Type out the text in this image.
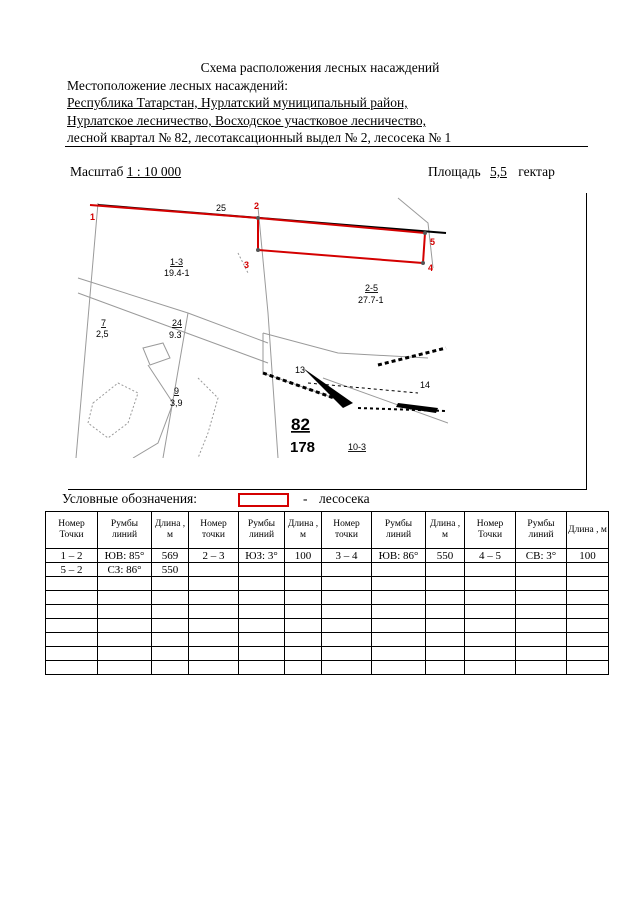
Схема расположения лесных насаждений
Местоположение лесных насаждений:
Республика Татарстан, Нурлатский муниципальный район,
Нурлатское лесничество, Восходское участковое лесничество,
лесной квартал № 82, лесотаксационный выдел № 2, лесосека № 1
Масштаб 1 : 10 000	Площадь 5,5 гектар
1
2
3	4
5
25
1-3
19.4-1
2-5
27.7-1
7
2,5
24
9.3
9
3,9
13
14
10-3
82
178
Условные обозначения:	- лесосека
Номер Точки	Румбы линий	Длина , м	Номер точки	Румбы линий	Длина , м	Номер точки	Румбы линий	Длина , м	Номер Точки	Румбы линий	Длина , м
1 – 2	ЮВ: 85°	569	2 – 3	ЮЗ: 3°	100	3 – 4	ЮВ: 86°	550	4 – 5	СВ: 3°	100
5 – 2	СЗ: 86°	550									
